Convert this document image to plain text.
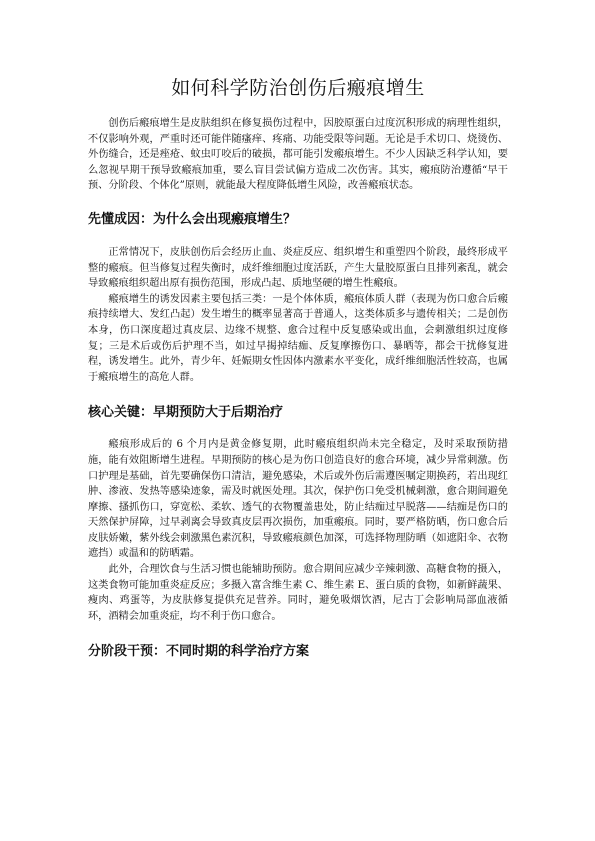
如何科学防治创伤后瘢痕增生

创伤后瘢痕增生是皮肤组织在修复损伤过程中，因胶原蛋白过度沉积形成的病理性组织，不仅影响外观，严重时还可能伴随瘙痒、疼痛、功能受限等问题。无论是手术切口、烧烫伤、外伤缝合，还是痤疮、蚊虫叮咬后的破损，都可能引发瘢痕增生。不少人因缺乏科学认知，要么忽视早期干预导致瘢痕加重，要么盲目尝试偏方造成二次伤害。其实，瘢痕防治遵循“早干预、分阶段、个体化”原则，就能最大程度降低增生风险，改善瘢痕状态。

先懂成因：为什么会出现瘢痕增生？

正常情况下，皮肤创伤后会经历止血、炎症反应、组织增生和重塑四个阶段，最终形成平整的瘢痕。但当修复过程失衡时，成纤维细胞过度活跃，产生大量胶原蛋白且排列紊乱，就会导致瘢痕组织超出原有损伤范围，形成凸起、质地坚硬的增生性瘢痕。

瘢痕增生的诱发因素主要包括三类：一是个体体质，瘢痕体质人群（表现为伤口愈合后瘢痕持续增大、发红凸起）发生增生的概率显著高于普通人，这类体质多与遗传相关；二是创伤本身，伤口深度超过真皮层、边缘不规整、愈合过程中反复感染或出血，会刺激组织过度修复；三是术后或伤后护理不当，如过早揭掉结痂、反复摩擦伤口、暴晒等，都会干扰修复进程，诱发增生。此外，青少年、妊娠期女性因体内激素水平变化，成纤维细胞活性较高，也属于瘢痕增生的高危人群。

核心关键：早期预防大于后期治疗

瘢痕形成后的 6 个月内是黄金修复期，此时瘢痕组织尚未完全稳定，及时采取预防措施，能有效阻断增生进程。早期预防的核心是为伤口创造良好的愈合环境，减少异常刺激。伤口护理是基础，首先要确保伤口清洁，避免感染，术后或外伤后需遵医嘱定期换药，若出现红肿、渗液、发热等感染迹象，需及时就医处理。其次，保护伤口免受机械刺激，愈合期间避免摩擦、搔抓伤口，穿宽松、柔软、透气的衣物覆盖患处，防止结痂过早脱落——结痂是伤口的天然保护屏障，过早剥离会导致真皮层再次损伤，加重瘢痕。同时，要严格防晒，伤口愈合后皮肤娇嫩，紫外线会刺激黑色素沉积，导致瘢痕颜色加深，可选择物理防晒（如遮阳伞、衣物遮挡）或温和的防晒霜。

此外，合理饮食与生活习惯也能辅助预防。愈合期间应减少辛辣刺激、高糖食物的摄入，这类食物可能加重炎症反应；多摄入富含维生素 C、维生素 E、蛋白质的食物，如新鲜蔬果、瘦肉、鸡蛋等，为皮肤修复提供充足营养。同时，避免吸烟饮酒，尼古丁会影响局部血液循环，酒精会加重炎症，均不利于伤口愈合。

分阶段干预：不同时期的科学治疗方案
